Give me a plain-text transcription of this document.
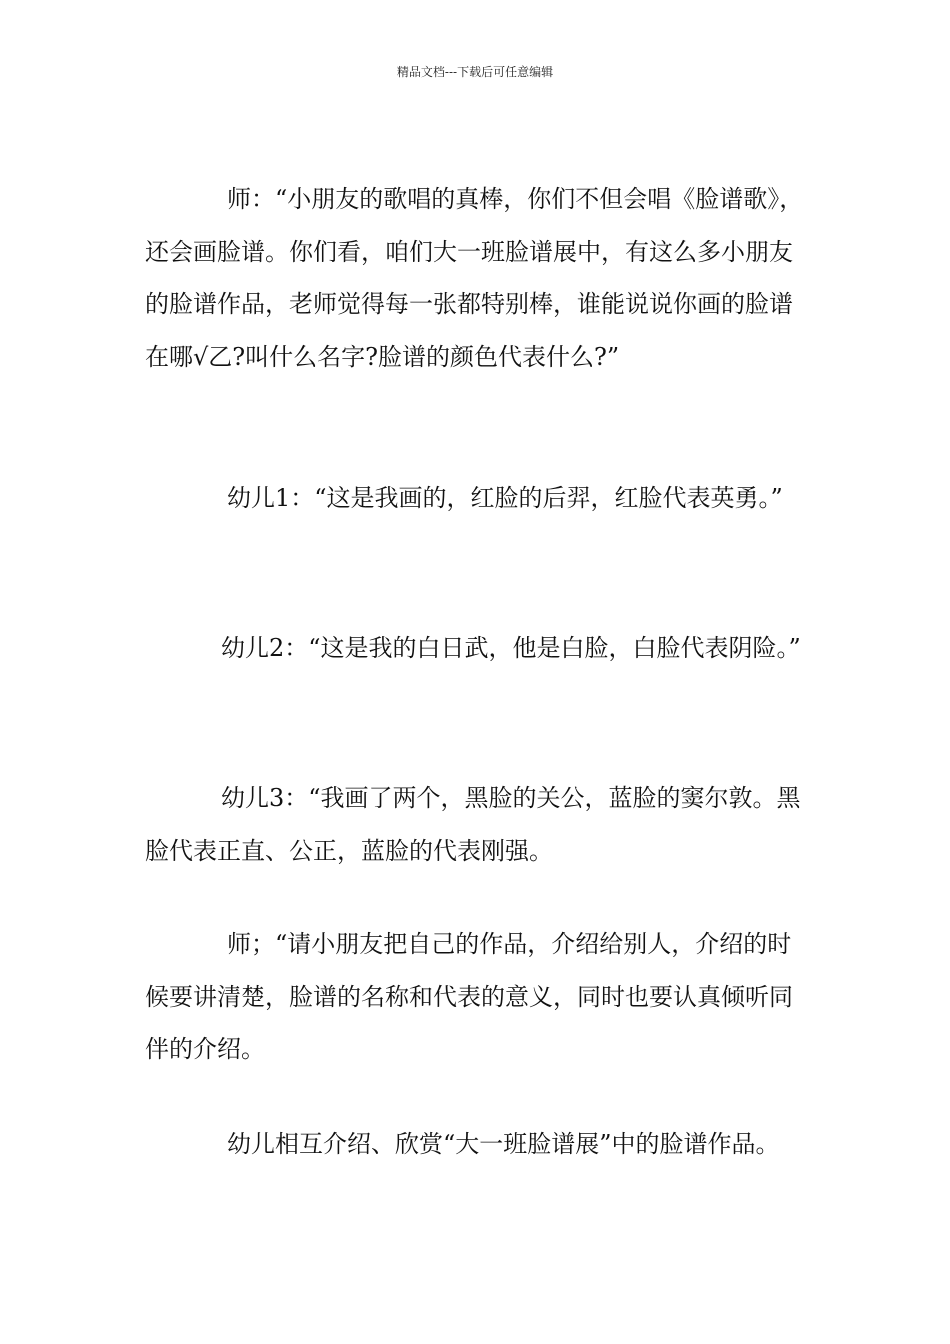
精品文档---下载后可任意编辑

师：“小朋友的歌唱的真棒，你们不但会唱《脸谱歌》，还会画脸谱。你们看，咱们大一班脸谱展中，有这么多小朋友的脸谱作品，老师觉得每一张都特别棒，谁能说说你画的脸谱在哪√乙?叫什么名字?脸谱的颜色代表什么?”

幼儿1：“这是我画的，红脸的后羿，红脸代表英勇。”

幼儿2：“这是我的白日武，他是白脸，白脸代表阴险。”

幼儿3：“我画了两个，黑脸的关公，蓝脸的窦尔敦。黑脸代表正直、公正，蓝脸的代表刚强。

师；“请小朋友把自己的作品，介绍给别人，介绍的时候要讲清楚，脸谱的名称和代表的意义，同时也要认真倾听同伴的介绍。

幼儿相互介绍、欣赏“大一班脸谱展”中的脸谱作品。
